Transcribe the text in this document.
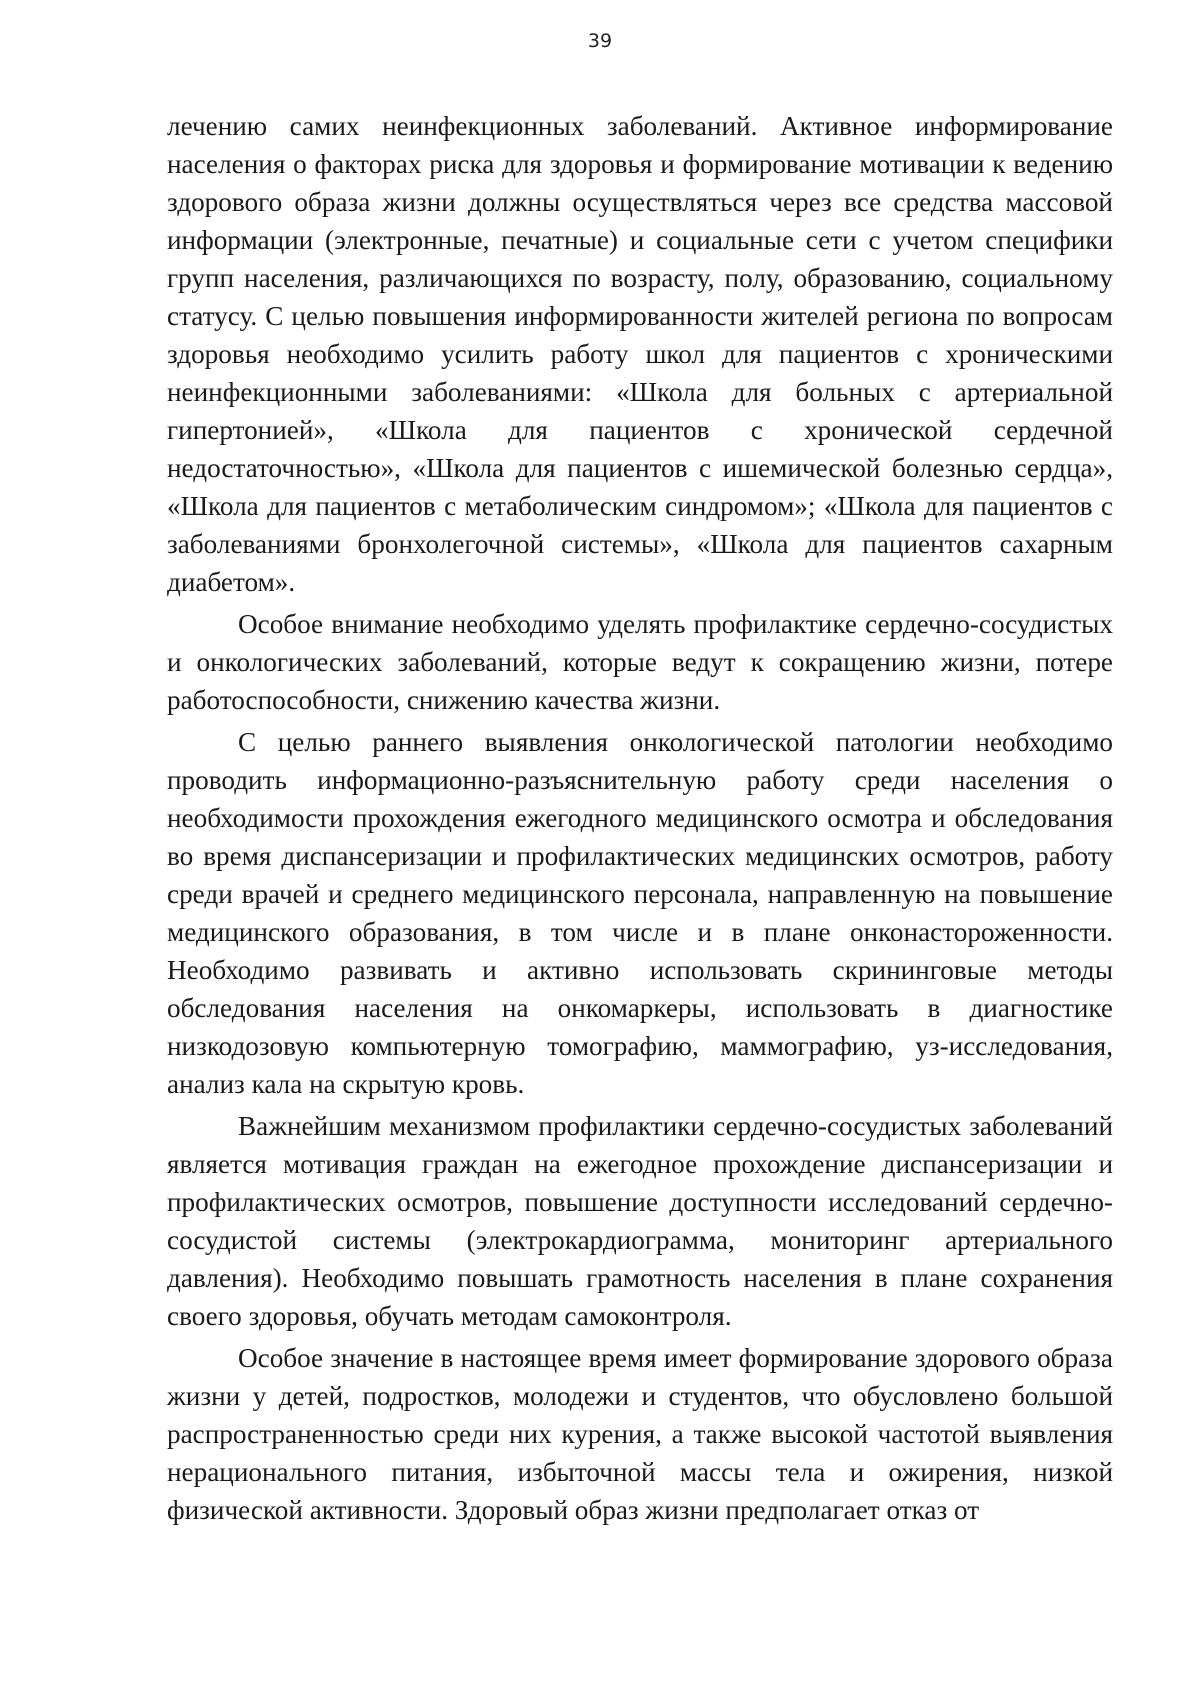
39

лечению самих неинфекционных заболеваний. Активное информирование населения о факторах риска для здоровья и формирование мотивации к ведению здорового образа жизни должны осуществляться через все средства массовой информации (электронные, печатные) и социальные сети с учетом специфики групп населения, различающихся по возрасту, полу, образованию, социальному статусу. С целью повышения информированности жителей региона по вопросам здоровья необходимо усилить работу школ для пациентов с хроническими неинфекционными заболеваниями: «Школа для больных с артериальной гипертонией», «Школа для пациентов с хронической сердечной недостаточностью», «Школа для пациентов с ишемической болезнью сердца», «Школа для пациентов с метаболическим синдромом»; «Школа для пациентов с заболеваниями бронхолегочной системы», «Школа для пациентов сахарным диабетом».

Особое внимание необходимо уделять профилактике сердечно-сосудистых и онкологических заболеваний, которые ведут к сокращению жизни, потере работоспособности, снижению качества жизни.

С целью раннего выявления онкологической патологии необходимо проводить информационно-разъяснительную работу среди населения о необходимости прохождения ежегодного медицинского осмотра и обследования во время диспансеризации и профилактических медицинских осмотров, работу среди врачей и среднего медицинского персонала, направленную на повышение медицинского образования, в том числе и в плане онконастороженности. Необходимо развивать и активно использовать скрининговые методы обследования населения на онкомаркеры, использовать в диагностике низкодозовую компьютерную томографию, маммографию, уз-исследования, анализ кала на скрытую кровь.

Важнейшим механизмом профилактики сердечно-сосудистых заболеваний является мотивация граждан на ежегодное прохождение диспансеризации и профилактических осмотров, повышение доступности исследований сердечно-сосудистой системы (электрокардиограмма, мониторинг артериального давления). Необходимо повышать грамотность населения в плане сохранения своего здоровья, обучать методам самоконтроля.

Особое значение в настоящее время имеет формирование здорового образа жизни у детей, подростков, молодежи и студентов, что обусловлено большой распространенностью среди них курения, а также высокой частотой выявления нерационального питания, избыточной массы тела и ожирения, низкой физической активности. Здоровый образ жизни предполагает отказ от
